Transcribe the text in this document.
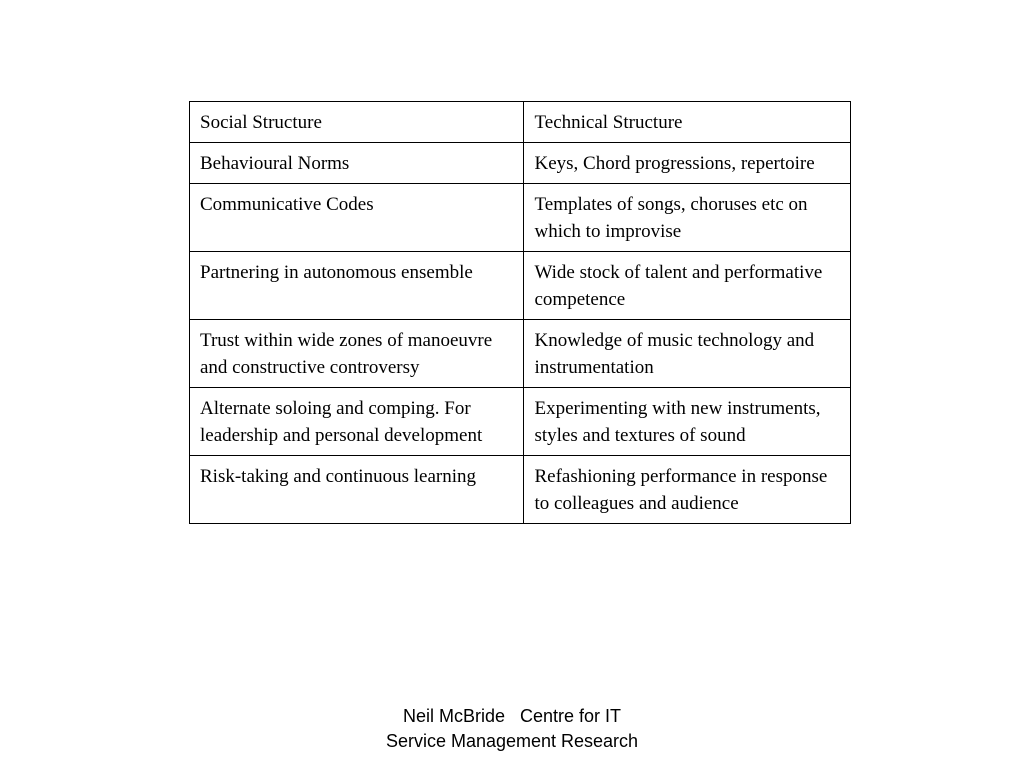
Social Structure	Technical Structure
Behavioural Norms	Keys, Chord progressions, repertoire
Communicative Codes	Templates of songs, choruses etc on which to improvise
Partnering in autonomous ensemble	Wide stock of talent and performative competence
Trust within wide zones of manoeuvre and constructive controversy	Knowledge of music technology and instrumentation
Alternate soloing and comping. For leadership and personal development	Experimenting with new instruments, styles and textures of sound
Risk-taking and continuous learning	Refashioning performance in response to colleagues and audience
Neil McBride   Centre for IT
Service Management Research
